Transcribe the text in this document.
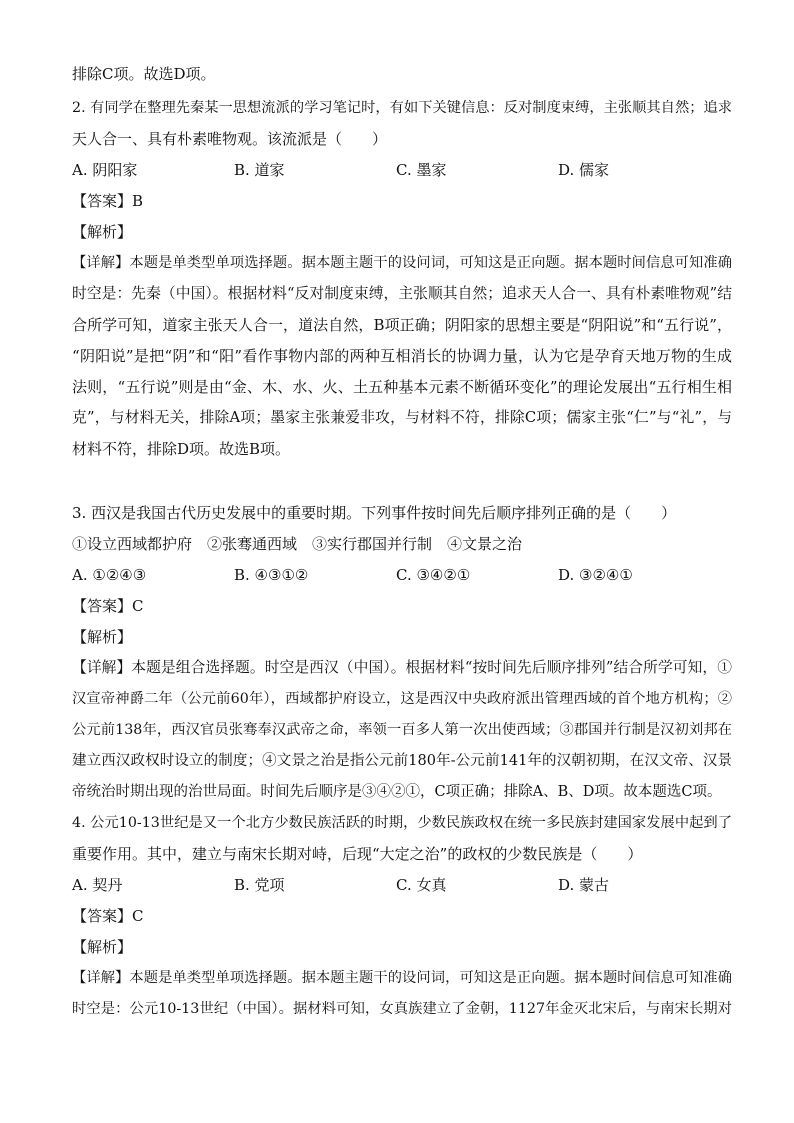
排除C项。故选D项。
2. 有同学在整理先秦某一思想流派的学习笔记时，有如下关键信息：反对制度束缚，主张顺其自然；追求
天人合一、具有朴素唯物观。该流派是（　　）
A. 阴阳家	B. 道家	C. 墨家	D. 儒家
【答案】B
【解析】
【详解】本题是单类型单项选择题。据本题主题干的设问词，可知这是正向题。据本题时间信息可知准确
时空是：先秦（中国）。根据材料“反对制度束缚，主张顺其自然；追求天人合一、具有朴素唯物观”结
合所学可知，道家主张天人合一，道法自然，B项正确；阴阳家的思想主要是“阴阳说”和“五行说”，
“阴阳说”是把“阴”和“阳”看作事物内部的两种互相消长的协调力量，认为它是孕育天地万物的生成
法则，“五行说”则是由“金、木、水、火、土五种基本元素不断循环变化”的理论发展出“五行相生相
克”，与材料无关，排除A项；墨家主张兼爱非攻，与材料不符，排除C项；儒家主张“仁”与“礼”，与
材料不符，排除D项。故选B项。
3. 西汉是我国古代历史发展中的重要时期。下列事件按时间先后顺序排列正确的是（　　）
①设立西域都护府　②张骞通西域　③实行郡国并行制　④文景之治
A. ①②④③	B. ④③①②	C. ③④②①	D. ③②④①
【答案】C
【解析】
【详解】本题是组合选择题。时空是西汉（中国）。根据材料“按时间先后顺序排列”结合所学可知，①
汉宣帝神爵二年（公元前60年），西域都护府设立，这是西汉中央政府派出管理西域的首个地方机构；②
公元前138年，西汉官员张骞奉汉武帝之命，率领一百多人第一次出使西域；③郡国并行制是汉初刘邦在
建立西汉政权时设立的制度；④文景之治是指公元前180年-公元前141年的汉朝初期，在汉文帝、汉景
帝统治时期出现的治世局面。时间先后顺序是③④②①，C项正确；排除A、B、D项。故本题选C项。
4. 公元10-13世纪是又一个北方少数民族活跃的时期，少数民族政权在统一多民族封建国家发展中起到了
重要作用。其中，建立与南宋长期对峙，后现“大定之治”的政权的少数民族是（　　）
A. 契丹	B. 党项	C. 女真	D. 蒙古
【答案】C
【解析】
【详解】本题是单类型单项选择题。据本题主题干的设问词，可知这是正向题。据本题时间信息可知准确
时空是：公元10-13世纪（中国）。据材料可知，女真族建立了金朝，1127年金灭北宋后，与南宋长期对
